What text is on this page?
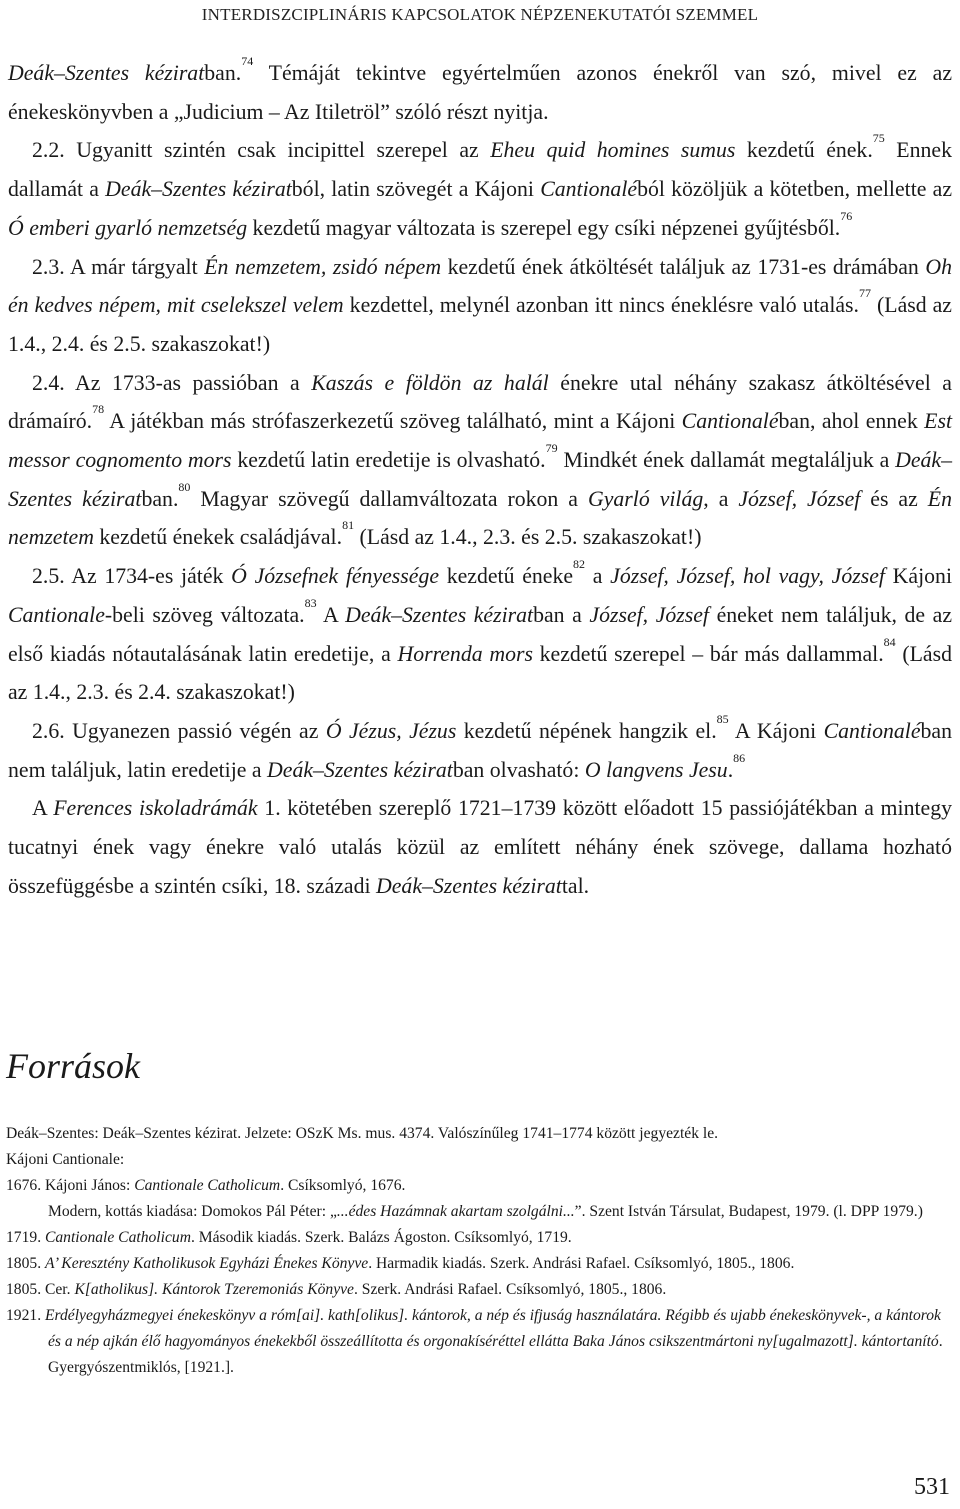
INTERDISZCIPLINÁRIS KAPCSOLATOK NÉPZENEKUTATÓI SZEMMEL

Deák–Szentes kéziratban.$^{74}$ Témáját tekintve egyértelműen azonos énekről van szó, mivel ez az énekeskönyvben a „Judicium – Az Itiletröl” szóló részt nyitja.

2.2. Ugyanitt szintén csak incipittel szerepel az Eheu quid homines sumus kezdetű ének.$^{75}$ Ennek dallamát a Deák–Szentes kéziratból, latin szövegét a Kájoni Cantionaléból közöljük a kötetben, mellette az Ó emberi gyarló nemzetség kezdetű magyar változata is szerepel egy csíki népzenei gyűjtésből.$^{76}$

2.3. A már tárgyalt Én nemzetem, zsidó népem kezdetű ének átköltését találjuk az 1731-es drámában Oh én kedves népem, mit cselekszel velem kezdettel, melynél azonban itt nincs éneklésre való utalás.$^{77}$ (Lásd az 1.4., 2.4. és 2.5. szakaszokat!)

2.4. Az 1733-as passióban a Kaszás e földön az halál énekre utal néhány szakasz átköltésével a drámaíró.$^{78}$ A játékban más strófaszerkezetű szöveg található, mint a Kájoni Cantionaléban, ahol ennek Est messor cognomento mors kezdetű latin eredetije is olvasható.$^{79}$ Mindkét ének dallamát megtaláljuk a Deák–Szentes kéziratban.$^{80}$ Magyar szövegű dallamváltozata rokon a Gyarló világ, a József, József és az Én nemzetem kezdetű énekek családjával.$^{81}$ (Lásd az 1.4., 2.3. és 2.5. szakaszokat!)

2.5. Az 1734-es játék Ó Józsefnek fényessége kezdetű éneke$^{82}$ a József, József, hol vagy, József Kájoni Cantionale-beli szöveg változata.$^{83}$ A Deák–Szentes kéziratban a József, József éneket nem találjuk, de az első kiadás nótautalásának latin eredetije, a Horrenda mors kezdetű szerepel – bár más dallammal.$^{84}$ (Lásd az 1.4., 2.3. és 2.4. szakaszokat!)

2.6. Ugyanezen passió végén az Ó Jézus, Jézus kezdetű népének hangzik el.$^{85}$ A Kájoni Cantionaléban nem találjuk, latin eredetije a Deák–Szentes kéziratban olvasható: O langvens Jesu.$^{86}$

A Ferences iskoladrámák 1. kötetében szereplő 1721–1739 között előadott 15 passiójátékban a mintegy tucatnyi ének vagy énekre való utalás közül az említett néhány ének szövege, dallama hozható összefüggésbe a szintén csíki, 18. századi Deák–Szentes kézirattal.

Források

Deák–Szentes: Deák–Szentes kézirat. Jelzete: OSzK Ms. mus. 4374. Valószínűleg 1741–1774 között jegyezték le.

Kájoni Cantionale:

1676. Kájoni János: Cantionale Catholicum. Csíksomlyó, 1676.

Modern, kottás kiadása: Domokos Pál Péter: „...édes Hazámnak akartam szolgálni...”. Szent István Társulat, Budapest, 1979. (l. DPP 1979.)

1719. Cantionale Catholicum. Második kiadás. Szerk. Balázs Ágoston. Csíksomlyó, 1719.

1805. A’ Keresztény Katholikusok Egyházi Énekes Könyve. Harmadik kiadás. Szerk. Andrási Rafael. Csíksomlyó, 1805., 1806.

1805. Cer. K[atholikus]. Kántorok Tzeremoniás Könyve. Szerk. Andrási Rafael. Csíksomlyó, 1805., 1806.

1921. Erdélyegyházmegyei énekeskönyv a róm[ai]. kath[olikus]. kántorok, a nép és ifjuság használatára. Régibb és ujabb énekeskönyvek-, a kántorok és a nép ajkán élő hagyományos énekekből összeállította és orgonakíséréttel ellátta Baka János csikszentmártoni ny[ugalmazott]. kántortanító. Gyergyószentmiklós, [1921.].

531
